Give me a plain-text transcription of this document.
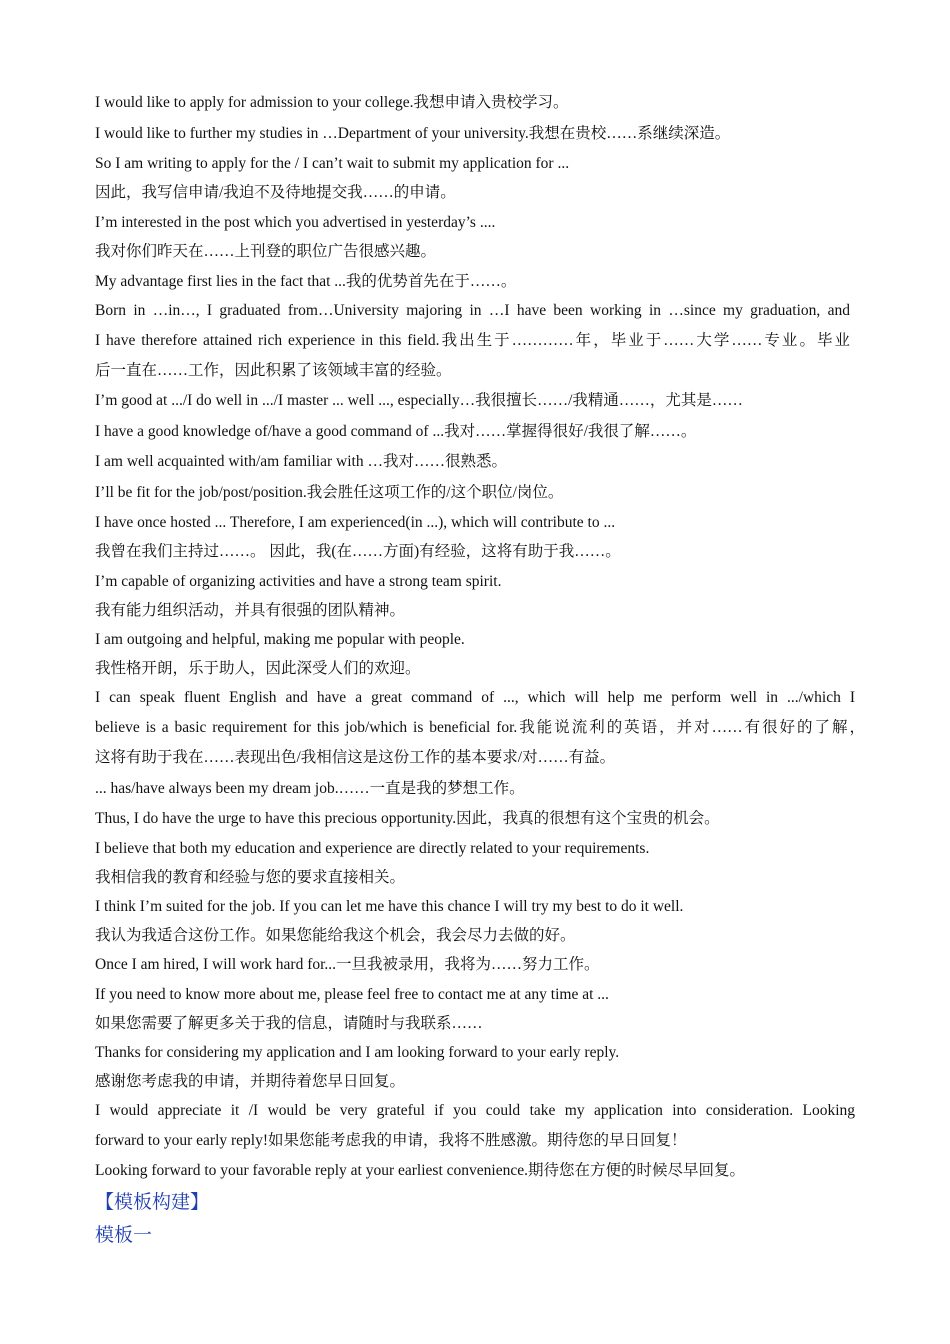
I would like to apply for admission to your college.我想申请入贵校学习。
I would like to further my studies in …Department of your university.我想在贵校……系继续深造。
So I am writing to apply for the / I can’t wait to submit my application for ...
因此，我写信申请/我迫不及待地提交我……的申请。
I’m interested in the post which you advertised in yesterday’s ....
我对你们昨天在……上刊登的职位广告很感兴趣。
My advantage first lies in the fact that ...我的优势首先在于……。
Born in …in…, I graduated from…University majoring in …I have been working in …since my graduation, and
I have therefore attained rich experience in this field.我出生于…………年，毕业于……大学……专业。毕业
后一直在……工作，因此积累了该领域丰富的经验。
I’m good at .../I do well in .../I master ... well ..., especially…我很擅长……/我精通……，尤其是……
I have a good knowledge of/have a good command of ...我对……掌握得很好/我很了解……。
I am well acquainted with/am familiar with …我对……很熟悉。
I’ll be fit for the job/post/position.我会胜任这项工作的/这个职位/岗位。
I have once hosted ... Therefore, I am experienced(in ...), which will contribute to ...
我曾在我们主持过……。 因此，我(在……方面)有经验，这将有助于我……。
I’m capable of organizing activities and have a strong team spirit.
我有能力组织活动，并具有很强的团队精神。
I am outgoing and helpful, making me popular with people.
我性格开朗，乐于助人，因此深受人们的欢迎。
I can speak fluent English and have a great command of ..., which will help me perform well in .../which I
believe is a basic requirement for this job/which is beneficial for.我能说流利的英语，并对……有很好的了解，
这将有助于我在……表现出色/我相信这是这份工作的基本要求/对……有益。
... has/have always been my dream job.……一直是我的梦想工作。
Thus, I do have the urge to have this precious opportunity.因此，我真的很想有这个宝贵的机会。
I believe that both my education and experience are directly related to your requirements.
我相信我的教育和经验与您的要求直接相关。
I think I’m suited for the job. If you can let me have this chance I will try my best to do it well.
我认为我适合这份工作。如果您能给我这个机会，我会尽力去做的好。
Once I am hired, I will work hard for...一旦我被录用，我将为……努力工作。
If you need to know more about me, please feel free to contact me at any time at ...
如果您需要了解更多关于我的信息，请随时与我联系……
Thanks for considering my application and I am looking forward to your early reply.
感谢您考虑我的申请，并期待着您早日回复。
I would appreciate it /I would be very grateful if you could take my application into consideration. Looking
forward to your early reply!如果您能考虑我的申请，我将不胜感激。期待您的早日回复！
Looking forward to your favorable reply at your earliest convenience.期待您在方便的时候尽早回复。
【模板构建】
模板一
